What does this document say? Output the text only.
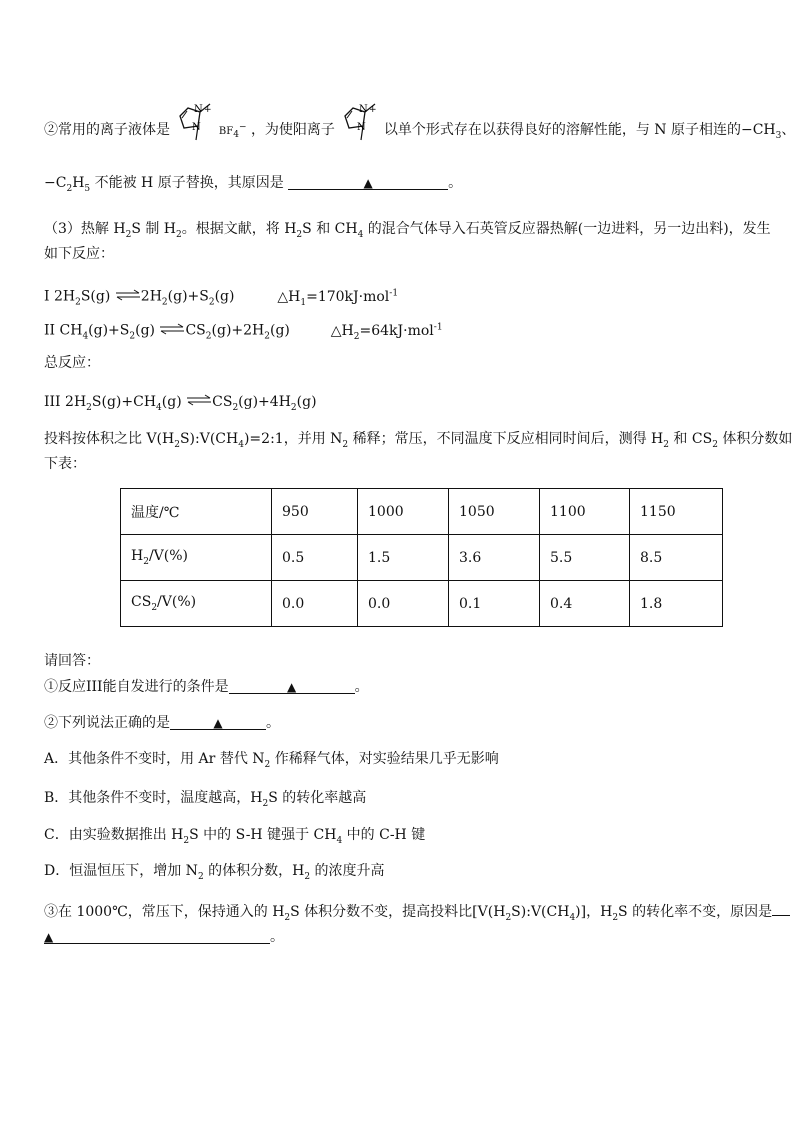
②常用的离子液体是
N +
N $BF_4^-$ ，为使阳离子
N +
N 以单个形式存在以获得良好的溶解性能，与 N 原子相连的$-CH_3$、
$-C_2H_5$ 不能被 H 原子替换，其原因是	▲	。
（3）热解 $H_2S$ 制 $H_2$。根据文献，将 $H_2S$ 和 $CH_4$ 的混合气体导入石英管反应器热解(一边进料，另一边出料)，发生
如下反应：
I $2H_2S(g)$ $\rightleftharpoons 2H_2(g)+S_2(g)$	$\triangle H_1=170kJ\cdot mol^{-1}$
II $CH_4(g)+S_2(g)$ $\rightleftharpoons CS_2(g)+2H_2(g)$	$\triangle H_2=64kJ\cdot mol^{-1}$
总反应：
III $2H_2S(g)+CH_4(g)$ $\rightleftharpoons CS_2(g)+4H_2(g)$
投料按体积之比 $V(H_2S):V(CH_4)=2:1$，并用 $N_2$ 稀释；常压，不同温度下反应相同时间后，测得 $H_2$ 和 $CS_2$ 体积分数如
下表：
温度/℃	950	1000	1050	1100	1150
$H_2/V(\%)$	0.5	1.5	3.6	5.5	8.5
$CS_2/V(\%)$	0.0	0.0	0.1	0.4	1.8
请回答：
①反应III能自发进行的条件是	▲	。
②下列说法正确的是	▲	。
A．其他条件不变时，用 Ar 替代 $N_2$ 作稀释气体，对实验结果几乎无影响
B．其他条件不变时，温度越高，$H_2S$ 的转化率越高
C．由实验数据推出 $H_2S$ 中的 S-H 键强于 $CH_4$ 中的 C-H 键
D．恒温恒压下，增加 $N_2$ 的体积分数，$H_2$ 的浓度升高
③在 1000℃，常压下，保持通入的 $H_2S$ 体积分数不变，提高投料比$[V(H_2S):V(CH_4)]$，$H_2S$ 的转化率不变，原因是
▲	。
